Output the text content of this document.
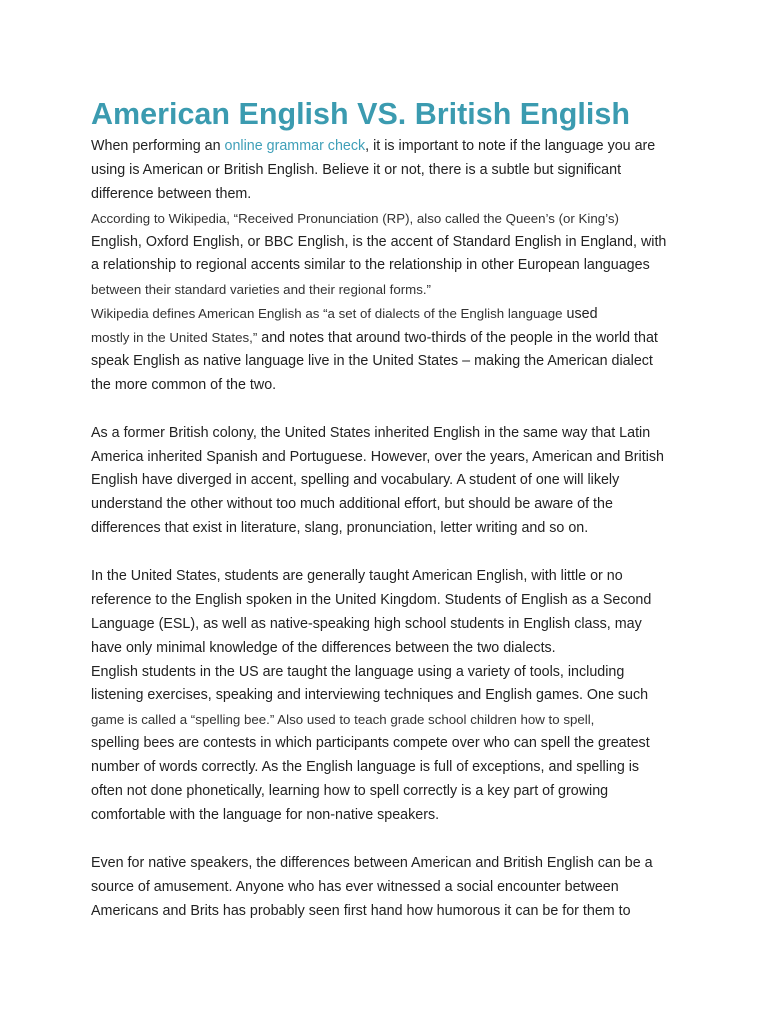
American English VS. British English
When performing an online grammar check, it is important to note if the language you are
using is American or British English. Believe it or not, there is a subtle but significant
difference between them.
According to Wikipedia, “Received Pronunciation (RP), also called the Queen’s (or King’s)
English, Oxford English, or BBC English, is the accent of Standard English in England, with
a relationship to regional accents similar to the relationship in other European languages
between their standard varieties and their regional forms.”
Wikipedia defines American English as “a set of dialects of the English language used
mostly in the United States,” and notes that around two-thirds of the people in the world that
speak English as native language live in the United States – making the American dialect
the more common of the two.
As a former British colony, the United States inherited English in the same way that Latin
America inherited Spanish and Portuguese. However, over the years, American and British
English have diverged in accent, spelling and vocabulary. A student of one will likely
understand the other without too much additional effort, but should be aware of the
differences that exist in literature, slang, pronunciation, letter writing and so on.
In the United States, students are generally taught American English, with little or no
reference to the English spoken in the United Kingdom. Students of English as a Second
Language (ESL), as well as native-speaking high school students in English class, may
have only minimal knowledge of the differences between the two dialects.
English students in the US are taught the language using a variety of tools, including
listening exercises, speaking and interviewing techniques and English games. One such
game is called a “spelling bee.” Also used to teach grade school children how to spell,
spelling bees are contests in which participants compete over who can spell the greatest
number of words correctly. As the English language is full of exceptions, and spelling is
often not done phonetically, learning how to spell correctly is a key part of growing
comfortable with the language for non-native speakers.
Even for native speakers, the differences between American and British English can be a
source of amusement. Anyone who has ever witnessed a social encounter between
Americans and Brits has probably seen first hand how humorous it can be for them to
